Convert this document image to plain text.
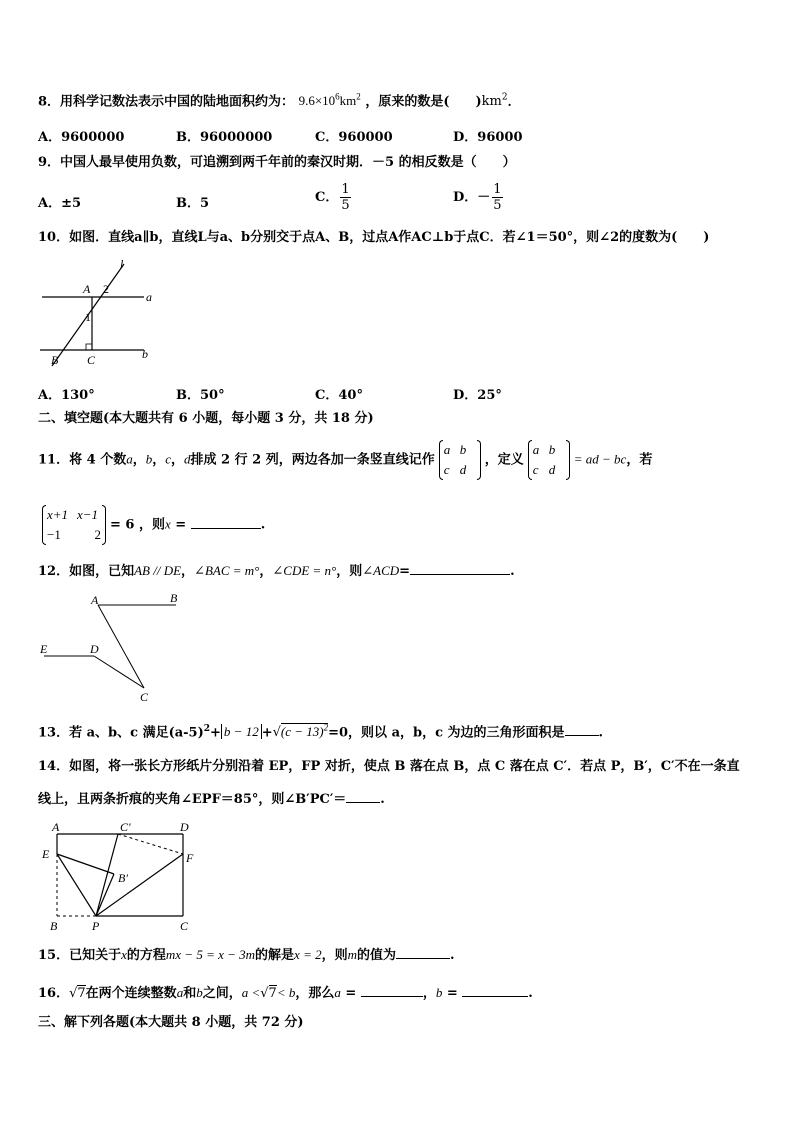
8．用科学记数法表示中国的陆地面积约为： $9.6\times 10^6km^2$ ，原来的数是(　　)$km^2$．
A．9600000	B．96000000	C．960000	D．96000
9．中国人最早使用负数，可追溯到两千年前的秦汉时期．－5 的相反数是（　　）
A．±5	B．5	C． $\frac{1}{5}$	D．－ $\frac{1}{5}$
10．如图．直线a∥b，直线L与a、b分别交于点A、B，过点A作AC⊥b于点C．若∠1＝50°，则∠2的度数为(　　)
l
A 2
a
1
B C	b
A．130°	B．50°	C．40°	D．25°
二、填空题(本大题共有 6 小题，每小题 3 分，共 18 分)
11．将 4 个数a，b，c，d排成 2 行 2 列，两边各加一条竖直线记作
a b
c d
，定义
a b
c d
= ad − bc，若
x+1 x−1
−1	2
= 6 ，则x =	.
12．如图，已知AB // DE，∠BAC = m°，∠CDE = n°，则∠ACD=	.
A	B
E	D
C
13．若 a、b、c 满足$(a-5)^2+ b - 12 +√(c - 13)^2=0$，则以 a，b，c 为边的三角形面积是	.
14．如图，将一张长方形纸片分别沿着 EP，FP 对折，使点 B 落在点 B，点 C 落在点 C′．若点 P，B′，C′不在一条直
线上，且两条折痕的夹角∠EPF＝85°，则∠B′PC′＝	.
A	C′	D
E	F
B′
B	P	C
15．已知关于x的方程mx − 5 = x − 3m的解是x = 2，则m的值为	.
16．√7在两个连续整数a和b之间，a <√7< b，那么a =	，b =	.
三、解下列各题(本大题共 8 小题，共 72 分)
